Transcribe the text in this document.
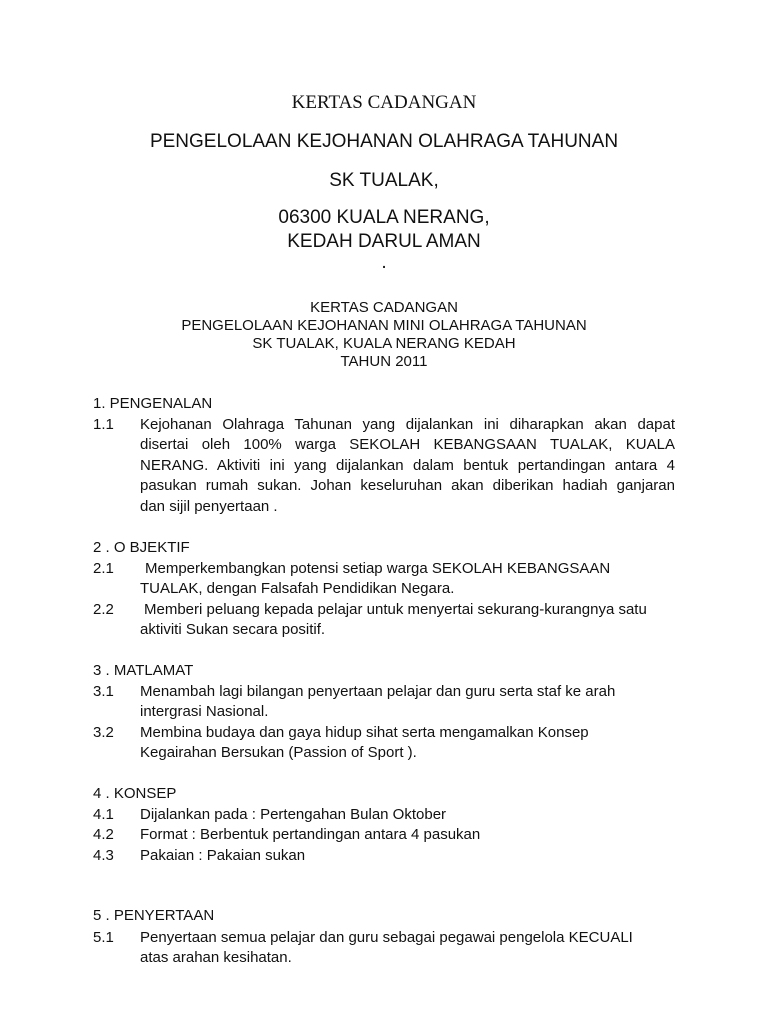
KERTAS CADANGAN
PENGELOLAAN KEJOHANAN OLAHRAGA TAHUNAN
SK TUALAK,
06300 KUALA NERANG,
KEDAH DARUL AMAN
.
KERTAS CADANGAN
PENGELOLAAN KEJOHANAN MINI OLAHRAGA TAHUNAN
SK TUALAK, KUALA NERANG KEDAH
TAHUN 2011
1. PENGENALAN
1.1 Kejohanan Olahraga Tahunan yang dijalankan ini diharapkan akan dapat
disertai oleh 100% warga SEKOLAH KEBANGSAAN TUALAK, KUALA
NERANG. Aktiviti ini yang dijalankan dalam bentuk pertandingan antara 4
pasukan rumah sukan. Johan keseluruhan akan diberikan hadiah ganjaran
dan sijil penyertaan .
2 . O BJEKTIF
2.1 Memperkembangkan potensi setiap warga SEKOLAH KEBANGSAAN
TUALAK, dengan Falsafah Pendidikan Negara.
2.2 Memberi peluang kepada pelajar untuk menyertai sekurang-kurangnya satu
aktiviti Sukan secara positif.
3 . MATLAMAT
3.1 Menambah lagi bilangan penyertaan pelajar dan guru serta staf ke arah
intergrasi Nasional.
3.2 Membina budaya dan gaya hidup sihat serta mengamalkan Konsep
Kegairahan Bersukan (Passion of Sport ).
4 . KONSEP
4.1 Dijalankan pada : Pertengahan Bulan Oktober
4.2 Format : Berbentuk pertandingan antara 4 pasukan
4.3 Pakaian : Pakaian sukan
5 . PENYERTAAN
5.1 Penyertaan semua pelajar dan guru sebagai pegawai pengelola KECUALI
atas arahan kesihatan.
